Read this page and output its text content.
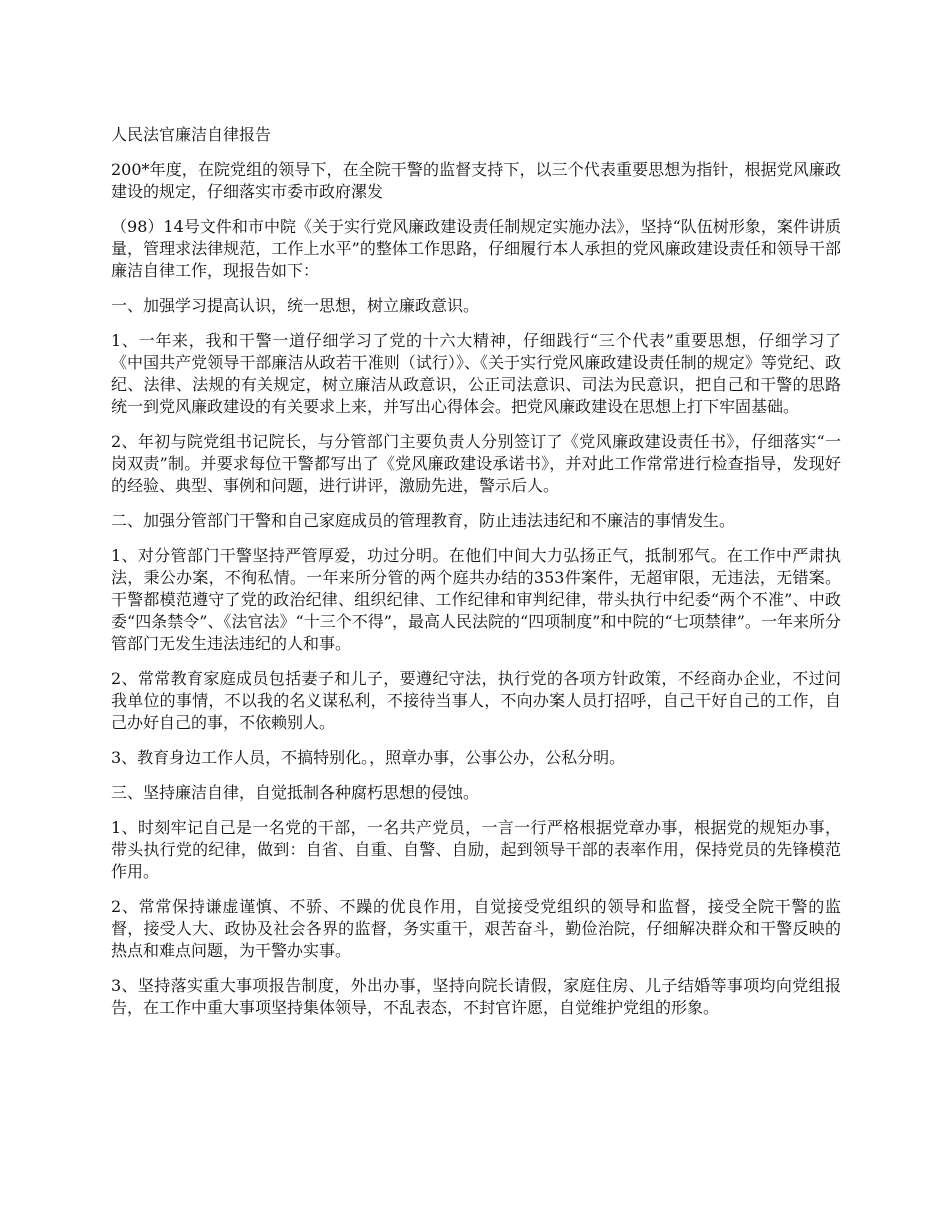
人民法官廉洁自律报告

200*年度，在院党组的领导下，在全院干警的监督支持下，以三个代表重要思想为指针，根据党风廉政建设的规定，仔细落实市委市政府漯发

（98）14号文件和市中院《关于实行党风廉政建设责任制规定实施办法》，坚持“队伍树形象，案件讲质量，管理求法律规范，工作上水平”的整体工作思路，仔细履行本人承担的党风廉政建设责任和领导干部廉洁自律工作，现报告如下：

一、加强学习提高认识，统一思想，树立廉政意识。

1、一年来，我和干警一道仔细学习了党的十六大精神，仔细践行“三个代表”重要思想，仔细学习了《中国共产党领导干部廉洁从政若干准则（试行）》、《关于实行党风廉政建设责任制的规定》等党纪、政纪、法律、法规的有关规定，树立廉洁从政意识，公正司法意识、司法为民意识，把自己和干警的思路统一到党风廉政建设的有关要求上来，并写出心得体会。把党风廉政建设在思想上打下牢固基础。

2、年初与院党组书记院长，与分管部门主要负责人分别签订了《党风廉政建设责任书》，仔细落实“一岗双责”制。并要求每位干警都写出了《党风廉政建设承诺书》，并对此工作常常进行检查指导，发现好的经验、典型、事例和问题，进行讲评，激励先进，警示后人。

二、加强分管部门干警和自己家庭成员的管理教育，防止违法违纪和不廉洁的事情发生。

1、对分管部门干警坚持严管厚爱，功过分明。在他们中间大力弘扬正气，抵制邪气。在工作中严肃执法，秉公办案，不徇私情。一年来所分管的两个庭共办结的353件案件，无超审限，无违法，无错案。干警都模范遵守了党的政治纪律、组织纪律、工作纪律和审判纪律，带头执行中纪委“两个不准”、中政委“四条禁令”、《法官法》“十三个不得”，最高人民法院的“四项制度”和中院的“七项禁律”。一年来所分管部门无发生违法违纪的人和事。

2、常常教育家庭成员包括妻子和儿子，要遵纪守法，执行党的各项方针政策，不经商办企业，不过问我单位的事情，不以我的名义谋私利，不接待当事人，不向办案人员打招呼，自己干好自己的工作，自己办好自己的事，不依赖别人。

3、教育身边工作人员，不搞特别化。，照章办事，公事公办，公私分明。

三、坚持廉洁自律，自觉抵制各种腐朽思想的侵蚀。

1、时刻牢记自己是一名党的干部，一名共产党员，一言一行严格根据党章办事，根据党的规矩办事，带头执行党的纪律，做到：自省、自重、自警、自励，起到领导干部的表率作用，保持党员的先锋模范作用。

2、常常保持谦虚谨慎、不骄、不躁的优良作用，自觉接受党组织的领导和监督，接受全院干警的监督，接受人大、政协及社会各界的监督，务实重干，艰苦奋斗，勤俭治院，仔细解决群众和干警反映的热点和难点问题，为干警办实事。

3、坚持落实重大事项报告制度，外出办事，坚持向院长请假，家庭住房、儿子结婚等事项均向党组报告，在工作中重大事项坚持集体领导，不乱表态，不封官许愿，自觉维护党组的形象。
